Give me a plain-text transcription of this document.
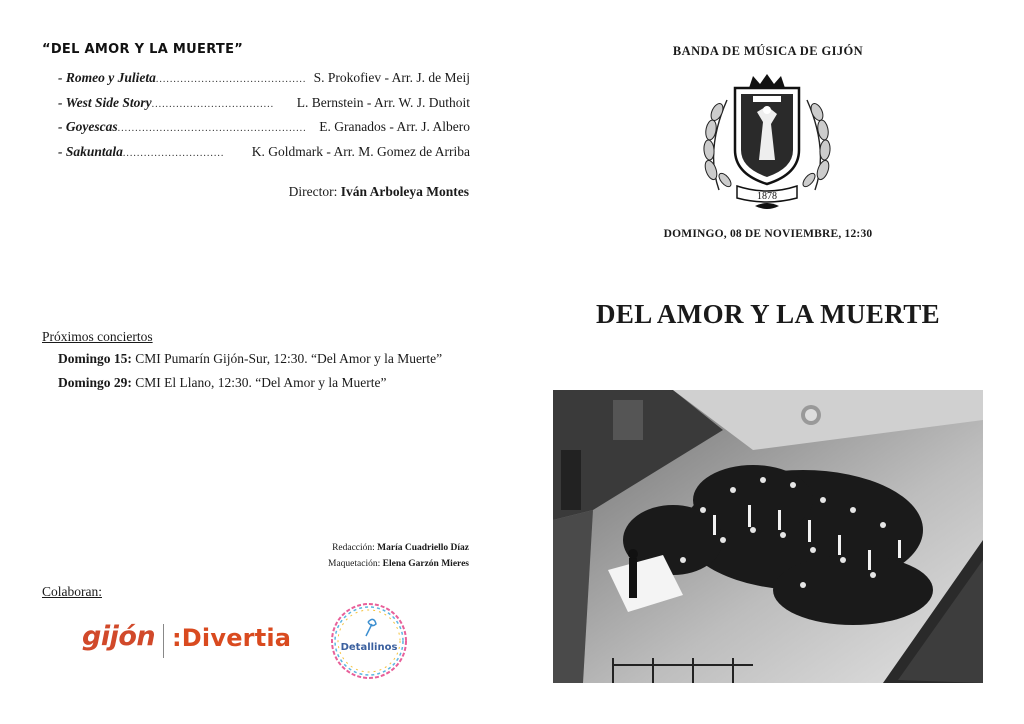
“DEL AMOR Y LA MUERTE”
- Romeo y Julieta ........................................... S. Prokofiev - Arr. J. de Meij
- West Side Story ...................................	L. Bernstein - Arr. W. J. Duthoit
- Goyescas ...................................................... E. Granados - Arr. J. Albero
- Sakuntala .............................	K. Goldmark - Arr. M. Gomez de Arriba
Director: Iván Arboleya Montes
Próximos conciertos
Domingo 15: CMI Pumarín Gijón-Sur, 12:30. “Del Amor y la Muerte”
Domingo 29: CMI El Llano, 12:30. “Del Amor y la Muerte”
Redacción: María Cuadriello Díaz
Maquetación: Elena Garzón Mieres
Colaboran:
gijón :Divertia	Detallinos
BANDA DE MÚSICA DE GIJÓN
1878
DOMINGO, 08 DE NOVIEMBRE, 12:30
DEL AMOR Y LA MUERTE
